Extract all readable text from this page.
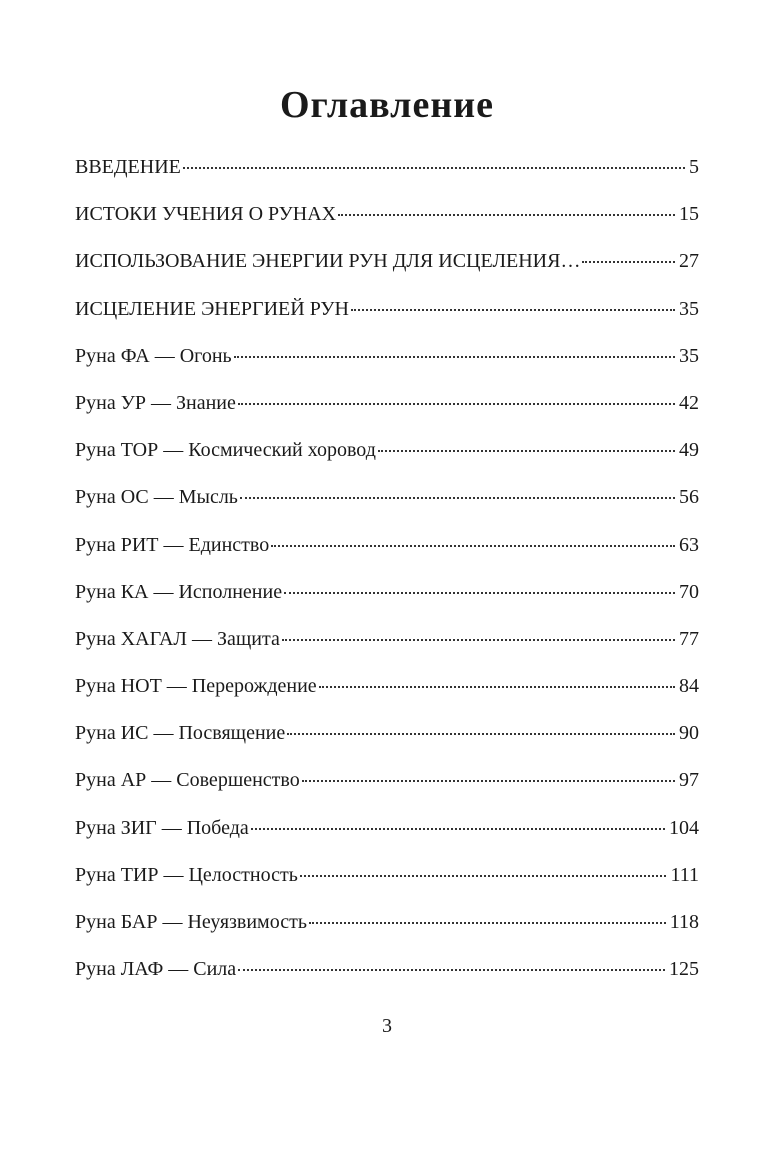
Оглавление
ВВЕДЕНИЕ	5
ИСТОКИ УЧЕНИЯ О РУНАХ	15
ИСПОЛЬЗОВАНИЕ ЭНЕРГИИ РУН ДЛЯ ИСЦЕЛЕНИЯ…	27
ИСЦЕЛЕНИЕ ЭНЕРГИЕЙ РУН	35
Руна ФА — Огонь	35
Руна УР — Знание	42
Руна ТОР — Космический хоровод	49
Руна ОС — Мысль	56
Руна РИТ — Единство	63
Руна КА — Исполнение	70
Руна ХАГАЛ — Защита	77
Руна НОТ — Перерождение	84
Руна ИС — Посвящение	90
Руна АР — Совершенство	97
Руна ЗИГ — Победа	104
Руна ТИР — Целостность	111
Руна БАР — Неуязвимость	118
Руна ЛАФ — Сила	125
3
